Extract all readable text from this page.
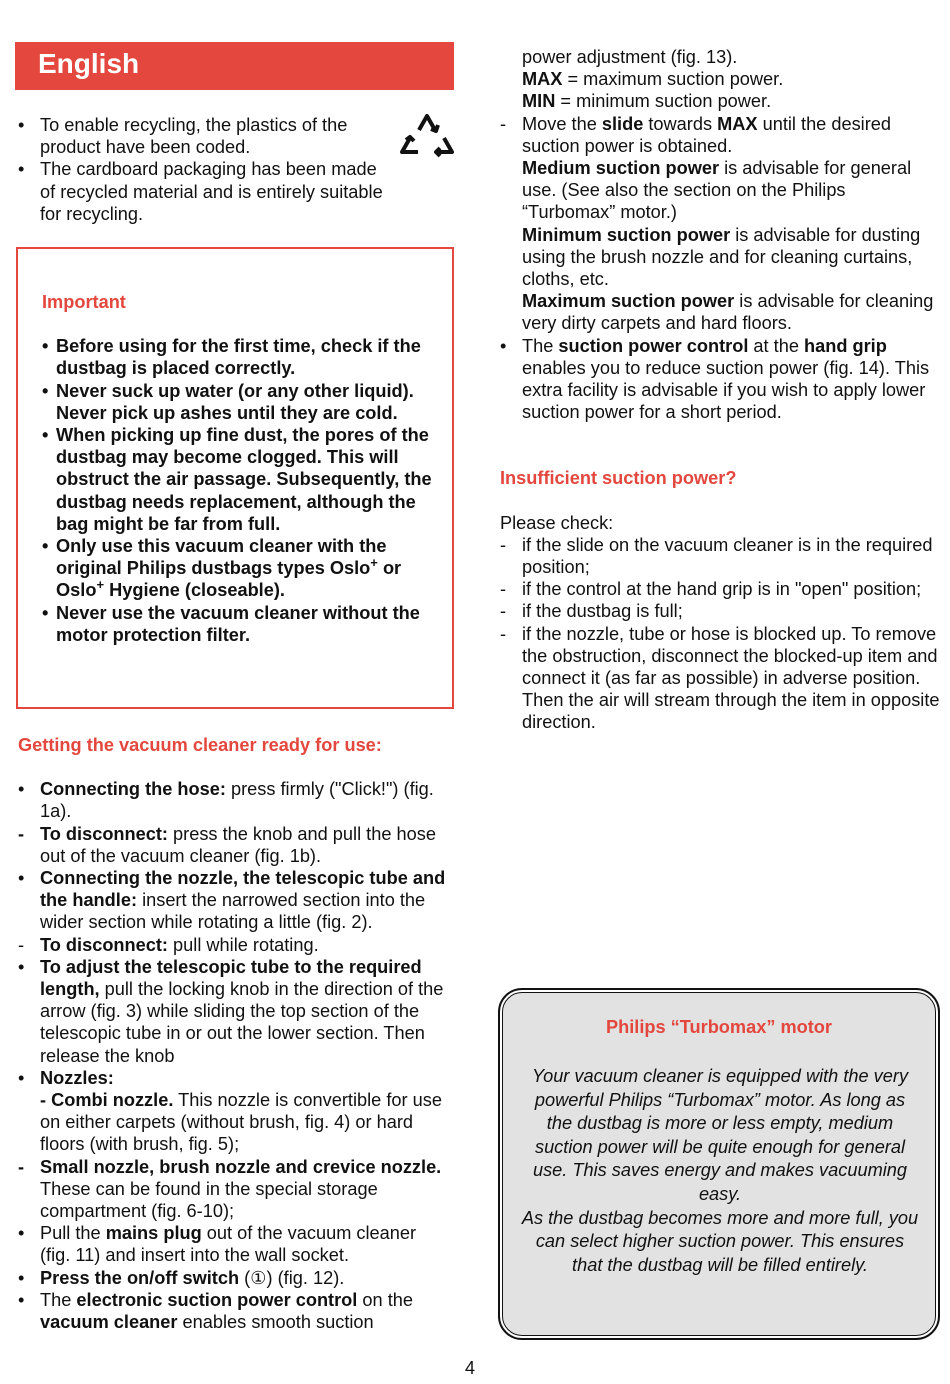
English
• To enable recycling, the plastics of the product have been coded.
• The cardboard packaging has been made of recycled material and is entirely suitable for recycling.
Important
• Before using for the first time, check if the dustbag is placed correctly.
• Never suck up water (or any other liquid). Never pick up ashes until they are cold.
• When picking up fine dust, the pores of the dustbag may become clogged. This will obstruct the air passage. Subsequently, the dustbag needs replacement, although the bag might be far from full.
• Only use this vacuum cleaner with the original Philips dustbags types Oslo+ or Oslo+ Hygiene (closeable).
• Never use the vacuum cleaner without the motor protection filter.
Getting the vacuum cleaner ready for use:
• Connecting the hose: press firmly ("Click!") (fig. 1a).
- To disconnect: press the knob and pull the hose out of the vacuum cleaner (fig. 1b).
• Connecting the nozzle, the telescopic tube and the handle: insert the narrowed section into the wider section while rotating a little (fig. 2).
- To disconnect: pull while rotating.
• To adjust the telescopic tube to the required length, pull the locking knob in the direction of the arrow (fig. 3) while sliding the top section of the telescopic tube in or out the lower section. Then release the knob
• Nozzles:
- Combi nozzle. This nozzle is convertible for use on either carpets (without brush, fig. 4) or hard floors (with brush, fig. 5);
- Small nozzle, brush nozzle and crevice nozzle. These can be found in the special storage compartment (fig. 6-10);
• Pull the mains plug out of the vacuum cleaner (fig. 11) and insert into the wall socket.
• Press the on/off switch (①) (fig. 12).
• The electronic suction power control on the vacuum cleaner enables smooth suction
power adjustment (fig. 13).
MAX = maximum suction power.
MIN = minimum suction power.
- Move the slide towards MAX until the desired suction power is obtained.
Medium suction power is advisable for general use. (See also the section on the Philips “Turbomax” motor.)
Minimum suction power is advisable for dusting using the brush nozzle and for cleaning curtains, cloths, etc.
Maximum suction power is advisable for cleaning very dirty carpets and hard floors.
• The suction power control at the hand grip enables you to reduce suction power (fig. 14). This extra facility is advisable if you wish to apply lower suction power for a short period.
Insufficient suction power?
Please check:
- if the slide on the vacuum cleaner is in the required position;
- if the control at the hand grip is in "open" position;
- if the dustbag is full;
- if the nozzle, tube or hose is blocked up. To remove the obstruction, disconnect the blocked-up item and connect it (as far as possible) in adverse position. Then the air will stream through the item in opposite direction.
Philips “Turbomax” motor
Your vacuum cleaner is equipped with the very powerful Philips “Turbomax” motor. As long as the dustbag is more or less empty, medium suction power will be quite enough for general use. This saves energy and makes vacuuming easy.
As the dustbag becomes more and more full, you can select higher suction power. This ensures that the dustbag will be filled entirely.
4
